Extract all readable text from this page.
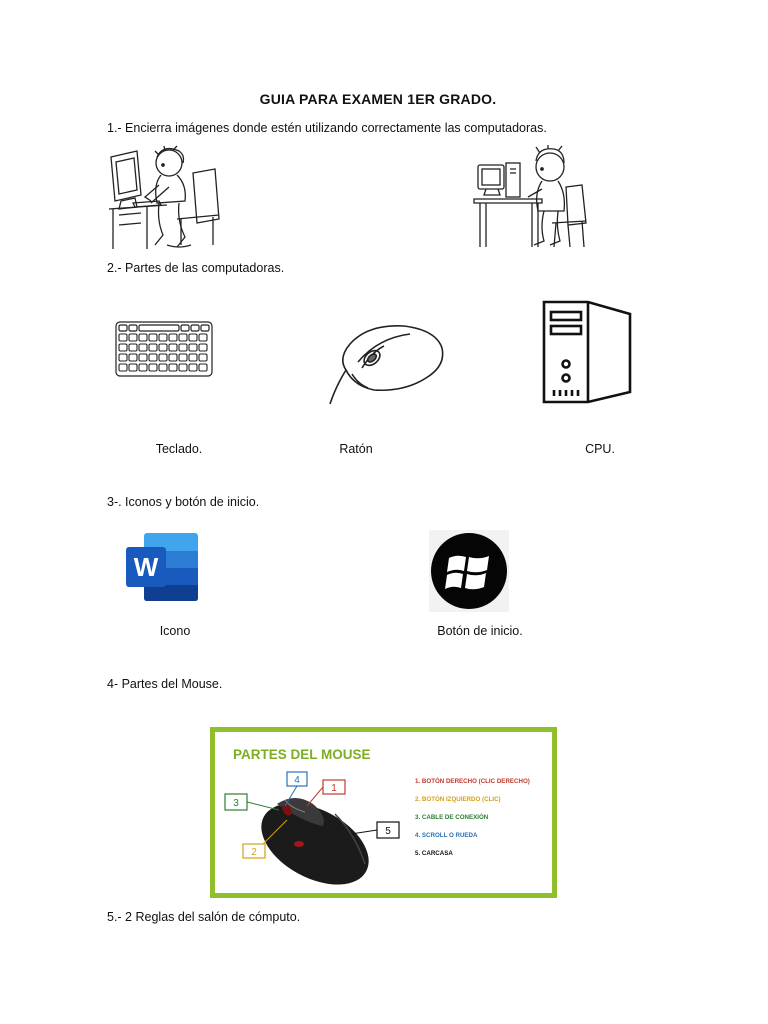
GUIA PARA EXAMEN 1ER GRADO.
1.- Encierra imágenes donde estén utilizando correctamente las computadoras.
2.- Partes de las computadoras.
Teclado.	Ratón	CPU.
3-. Iconos y botón de inicio.
W
Icono	Botón de inicio.
4- Partes del Mouse.
PARTES DEL MOUSE
4
1
3
2
5
1. BOTÓN DERECHO (CLIC DERECHO)
2. BOTÓN IZQUIERDO (CLIC)
3. CABLE DE CONEXIÓN
4. SCROLL O RUEDA
5. CARCASA
5.- 2 Reglas del salón de cómputo.
